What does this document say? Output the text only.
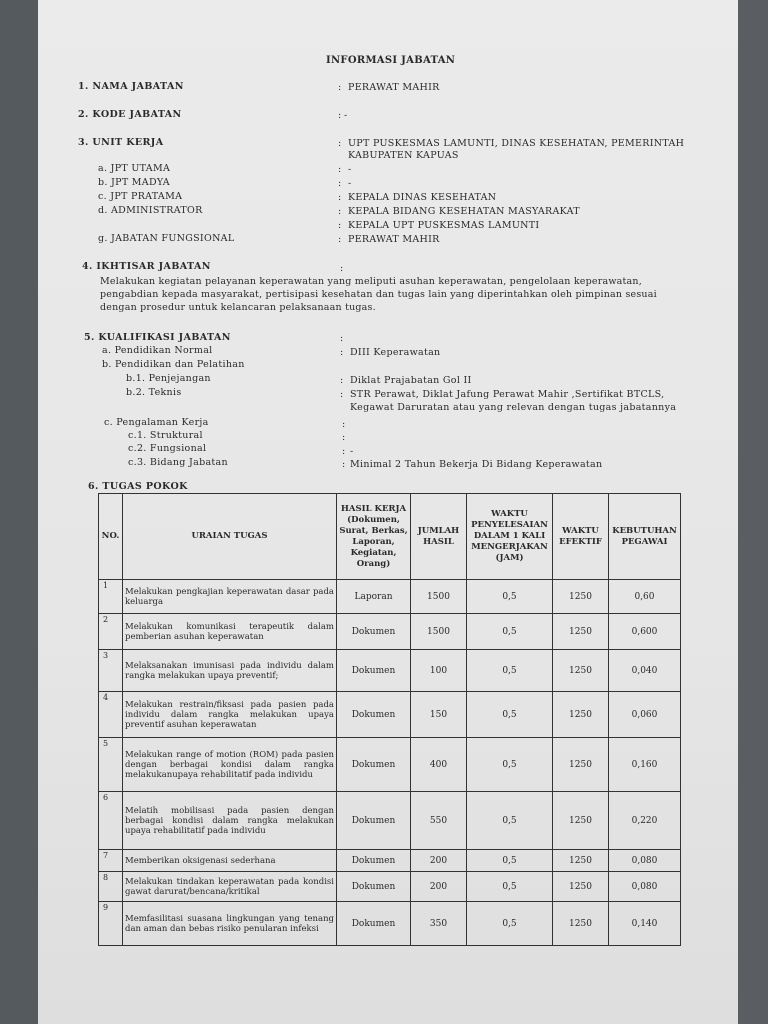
INFORMASI JABATAN
1. NAMA JABATAN	: PERAWAT MAHIR
2. KODE JABATAN	: -
3. UNIT KERJA	: UPT PUSKESMAS LAMUNTI, DINAS KESEHATAN, PEMERINTAH
KABUPATEN KAPUAS
a. JPT UTAMA	: -
b. JPT MADYA	: -
c. JPT PRATAMA	: KEPALA DINAS KESEHATAN
d. ADMINISTRATOR	: KEPALA BIDANG KESEHATAN MASYARAKAT
: KEPALA UPT PUSKESMAS LAMUNTI
g. JABATAN FUNGSIONAL	: PERAWAT MAHIR
4. IKHTISAR JABATAN	:
Melakukan kegiatan pelayanan keperawatan yang meliputi asuhan keperawatan, pengelolaan keperawatan, pengabdian kepada masyarakat, pertisipasi kesehatan dan tugas lain yang diperintahkan oleh pimpinan sesuai dengan prosedur untuk kelancaran pelaksanaan tugas.
5. KUALIFIKASI JABATAN	:
a. Pendidikan Normal	: DIII Keperawatan
b. Pendidikan dan Pelatihan
b.1. Penjejangan	: Diklat Prajabatan Gol II
b.2. Teknis	: STR Perawat, Diklat Jafung Perawat Mahir ,Sertifikat BTCLS,
Kegawat Daruratan atau yang relevan dengan tugas jabatannya
c. Pengalaman Kerja	:
c.1. Struktural	:
c.2. Fungsional	: -
c.3. Bidang Jabatan	: Minimal 2 Tahun Bekerja Di Bidang Keperawatan
6. TUGAS POKOK
NO.	URAIAN TUGAS	HASIL KERJA (Dokumen, Surat, Berkas, Laporan, Kegiatan, Orang)	JUMLAH HASIL	WAKTU PENYELESAIAN DALAM 1 KALI MENGERJAKAN (JAM)	WAKTU EFEKTIF	KEBUTUHAN PEGAWAI
1	Melakukan pengkajian keperawatan dasar pada keluarga	Laporan	1500	0,5	1250	0,60
2	Melakukan komunikasi terapeutik dalam pemberian asuhan keperawatan	Dokumen	1500	0,5	1250	0,600
3	Melaksanakan imunisasi pada individu dalam rangka melakukan upaya preventif;	Dokumen	100	0,5	1250	0,040
4	Melakukan restrain/fiksasi pada pasien pada individu dalam rangka melakukan upaya preventif asuhan keperawatan	Dokumen	150	0,5	1250	0,060
5	Melakukan range of motion (ROM) pada pasien dengan berbagai kondisi dalam rangka melakukanupaya rehabilitatif pada individu	Dokumen	400	0,5	1250	0,160
6	Melatih mobilisasi pada pasien dengan berbagai kondisi dalam rangka melakukan upaya rehabilitatif pada individu	Dokumen	550	0,5	1250	0,220
7	Memberikan oksigenasi sederhana	Dokumen	200	0,5	1250	0,080
8	Melakukan tindakan keperawatan pada kondisi gawat darurat/bencana/kritikal	Dokumen	200	0,5	1250	0,080
9	Memfasilitasi suasana lingkungan yang tenang dan aman dan bebas risiko penularan infeksi	Dokumen	350	0,5	1250	0,140
